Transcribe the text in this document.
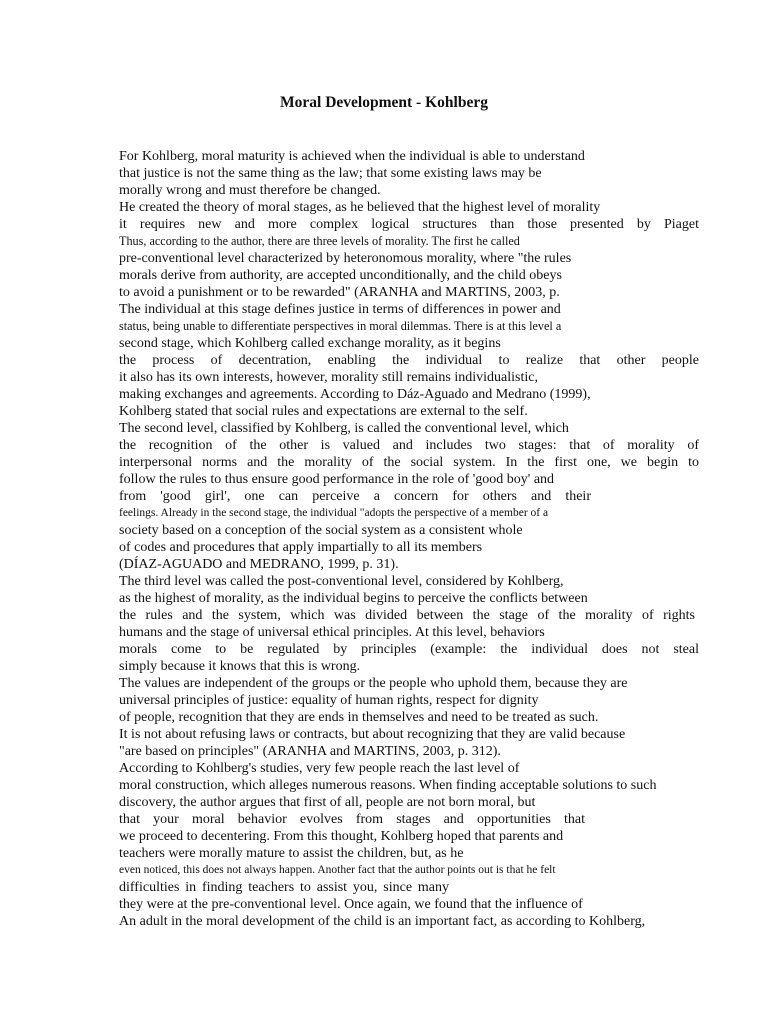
Moral Development - Kohlberg
For Kohlberg, moral maturity is achieved when the individual is able to understand
that justice is not the same thing as the law; that some existing laws may be
morally wrong and must therefore be changed.
He created the theory of moral stages, as he believed that the highest level of morality
it requires new and more complex logical structures than those presented by Piaget
Thus, according to the author, there are three levels of morality. The first he called
pre-conventional level characterized by heteronomous morality, where "the rules
morals derive from authority, are accepted unconditionally, and the child obeys
to avoid a punishment or to be rewarded" (ARANHA and MARTINS, 2003, p.
The individual at this stage defines justice in terms of differences in power and
status, being unable to differentiate perspectives in moral dilemmas. There is at this level a
second stage, which Kohlberg called exchange morality, as it begins
the process of decentration, enabling the individual to realize that other people
it also has its own interests, however, morality still remains individualistic,
making exchanges and agreements. According to Dáz-Aguado and Medrano (1999),
Kohlberg stated that social rules and expectations are external to the self.
The second level, classified by Kohlberg, is called the conventional level, which
the recognition of the other is valued and includes two stages: that of morality of
interpersonal norms and the morality of the social system. In the first one, we begin to
follow the rules to thus ensure good performance in the role of 'good boy' and
from 'good girl', one can perceive a concern for others and their
feelings. Already in the second stage, the individual "adopts the perspective of a member of a
society based on a conception of the social system as a consistent whole
of codes and procedures that apply impartially to all its members
(DÍAZ-AGUADO and MEDRANO, 1999, p. 31).
The third level was called the post-conventional level, considered by Kohlberg,
as the highest of morality, as the individual begins to perceive the conflicts between
the rules and the system, which was divided between the stage of the morality of rights
humans and the stage of universal ethical principles. At this level, behaviors
morals come to be regulated by principles (example: the individual does not steal
simply because it knows that this is wrong.
The values are independent of the groups or the people who uphold them, because they are
universal principles of justice: equality of human rights, respect for dignity
of people, recognition that they are ends in themselves and need to be treated as such.
It is not about refusing laws or contracts, but about recognizing that they are valid because
"are based on principles" (ARANHA and MARTINS, 2003, p. 312).
According to Kohlberg's studies, very few people reach the last level of
moral construction, which alleges numerous reasons. When finding acceptable solutions to such
discovery, the author argues that first of all, people are not born moral, but
that your moral behavior evolves from stages and opportunities that
we proceed to decentering. From this thought, Kohlberg hoped that parents and
teachers were morally mature to assist the children, but, as he
even noticed, this does not always happen. Another fact that the author points out is that he felt
difficulties in finding teachers to assist you, since many
they were at the pre-conventional level. Once again, we found that the influence of
An adult in the moral development of the child is an important fact, as according to Kohlberg,
